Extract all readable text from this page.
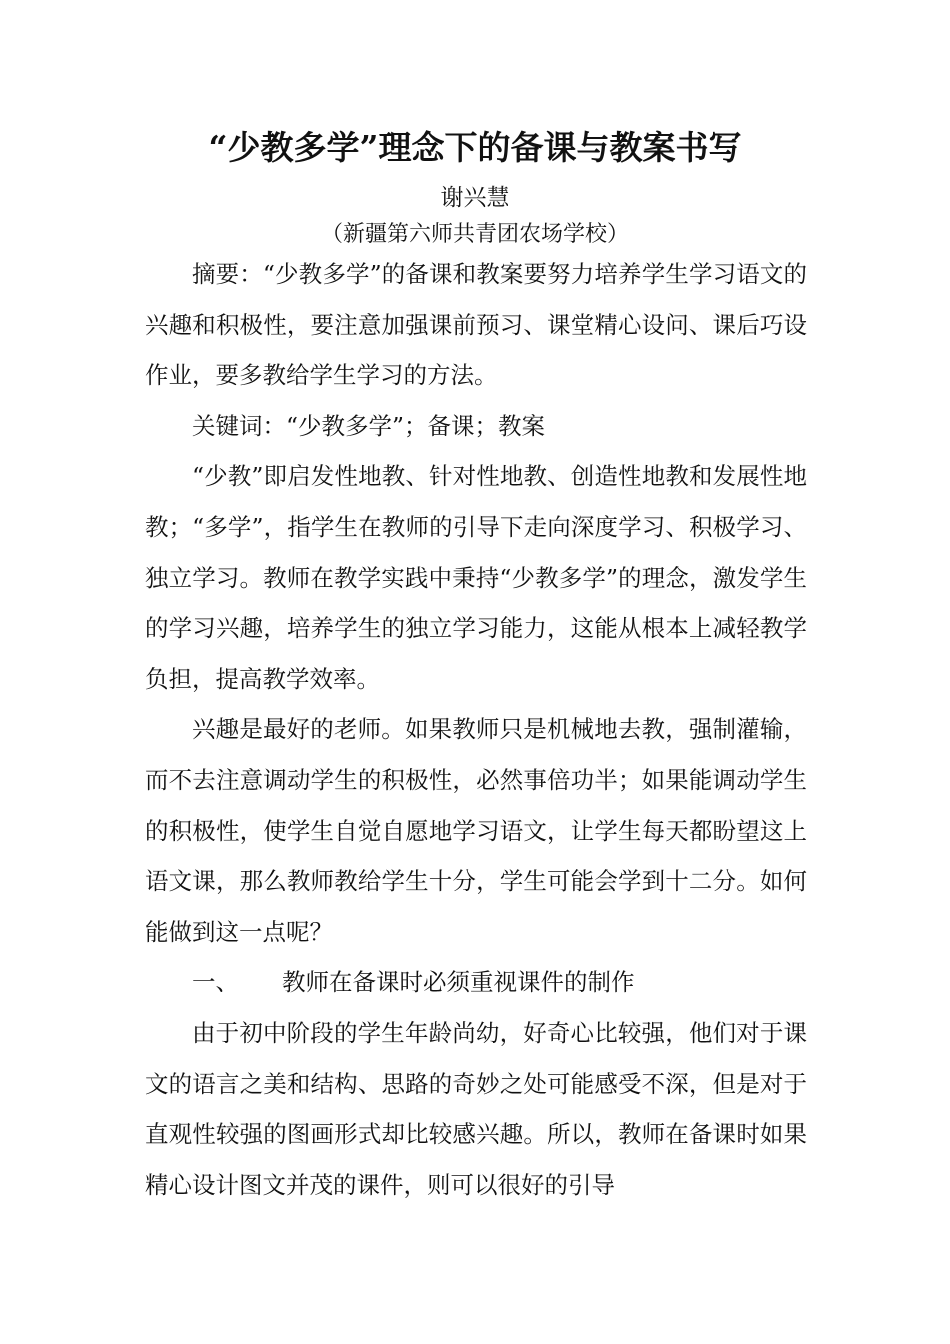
“少教多学”理念下的备课与教案书写
谢兴慧
（新疆第六师共青团农场学校）

摘要：“少教多学”的备课和教案要努力培养学生学习语文的兴趣和积极性，要注意加强课前预习、课堂精心设问、课后巧设作业，要多教给学生学习的方法。

关键词：“少教多学”；备课；教案

“少教”即启发性地教、针对性地教、创造性地教和发展性地教；“多学”，指学生在教师的引导下走向深度学习、积极学习、独立学习。教师在教学实践中秉持“少教多学”的理念，激发学生的学习兴趣，培养学生的独立学习能力，这能从根本上减轻教学负担，提高教学效率。

兴趣是最好的老师。如果教师只是机械地去教，强制灌输，而不去注意调动学生的积极性，必然事倍功半；如果能调动学生的积极性，使学生自觉自愿地学习语文，让学生每天都盼望这上语文课，那么教师教给学生十分，学生可能会学到十二分。如何能做到这一点呢？

一、	教师在备课时必须重视课件的制作

由于初中阶段的学生年龄尚幼，好奇心比较强，他们对于课文的语言之美和结构、思路的奇妙之处可能感受不深，但是对于直观性较强的图画形式却比较感兴趣。所以，教师在备课时如果精心设计图文并茂的课件，则可以很好的引导
